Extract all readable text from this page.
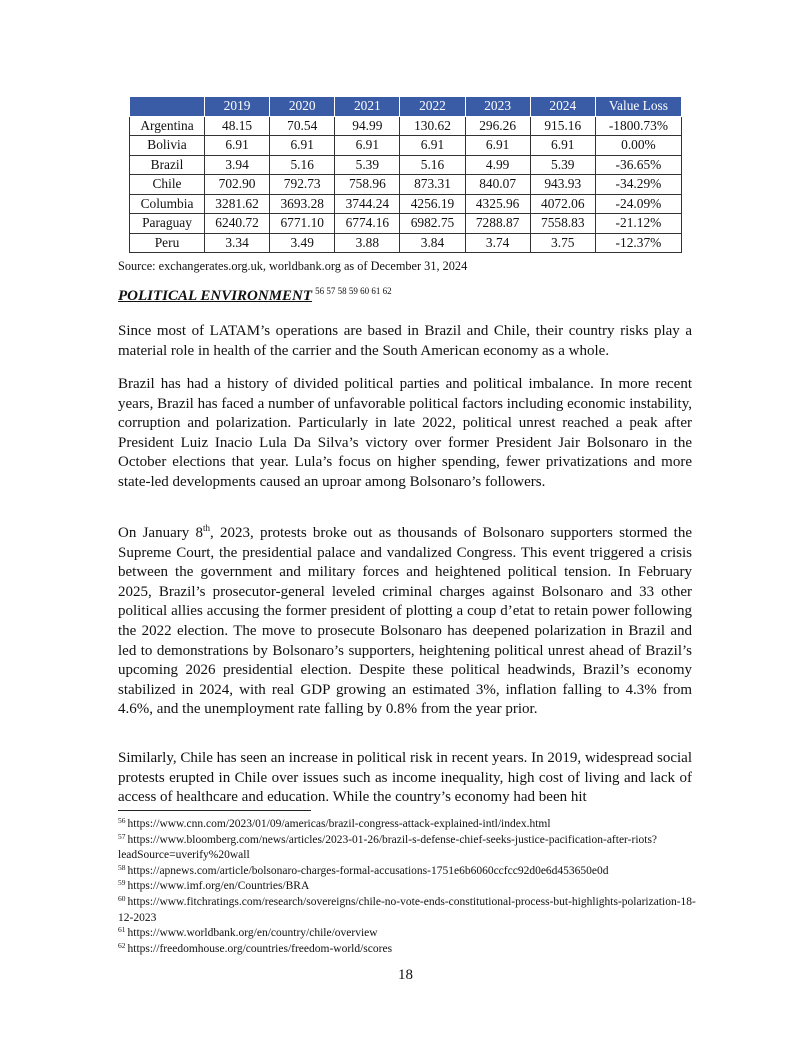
	2019	2020	2021	2022	2023	2024	Value Loss
Argentina	48.15	70.54	94.99	130.62	296.26	915.16	-1800.73%
Bolivia	6.91	6.91	6.91	6.91	6.91	6.91	0.00%
Brazil	3.94	5.16	5.39	5.16	4.99	5.39	-36.65%
Chile	702.90	792.73	758.96	873.31	840.07	943.93	-34.29%
Columbia	3281.62	3693.28	3744.24	4256.19	4325.96	4072.06	-24.09%
Paraguay	6240.72	6771.10	6774.16	6982.75	7288.87	7558.83	-21.12%
Peru	3.34	3.49	3.88	3.84	3.74	3.75	-12.37%
Source: exchangerates.org.uk, worldbank.org as of December 31, 2024
POLITICAL ENVIRONMENT 56 57 58 59 60 61 62

Since most of LATAM’s operations are based in Brazil and Chile, their country risks play a material role in health of the carrier and the South American economy as a whole.

Brazil has had a history of divided political parties and political imbalance. In more recent years, Brazil has faced a number of unfavorable political factors including economic instability, corruption and polarization. Particularly in late 2022, political unrest reached a peak after President Luiz Inacio Lula Da Silva’s victory over former President Jair Bolsonaro in the October elections that year. Lula’s focus on higher spending, fewer privatizations and more state-led developments caused an uproar among Bolsonaro’s followers.

On January 8th, 2023, protests broke out as thousands of Bolsonaro supporters stormed the Supreme Court, the presidential palace and vandalized Congress. This event triggered a crisis between the government and military forces and heightened political tension. In February 2025, Brazil’s prosecutor-general leveled criminal charges against Bolsonaro and 33 other political allies accusing the former president of plotting a coup d’etat to retain power following the 2022 election. The move to prosecute Bolsonaro has deepened polarization in Brazil and led to demonstrations by Bolsonaro’s supporters, heightening political unrest ahead of Brazil’s upcoming 2026 presidential election. Despite these political headwinds, Brazil’s economy stabilized in 2024, with real GDP growing an estimated 3%, inflation falling to 4.3% from 4.6%, and the unemployment rate falling by 0.8% from the year prior.

Similarly, Chile has seen an increase in political risk in recent years. In 2019, widespread social protests erupted in Chile over issues such as income inequality, high cost of living and lack of access of healthcare and education. While the country’s economy had been hit

$^{56}$ https://www.cnn.com/2023/01/09/americas/brazil-congress-attack-explained-intl/index.html

$^{57}$ https://www.bloomberg.com/news/articles/2023-01-26/brazil-s-defense-chief-seeks-justice-pacification-after-riots?leadSource=uverify%20wall

$^{58}$ https://apnews.com/article/bolsonaro-charges-formal-accusations-1751e6b6060ccfcc92d0e6d453650e0d

$^{59}$ https://www.imf.org/en/Countries/BRA

$^{60}$ https://www.fitchratings.com/research/sovereigns/chile-no-vote-ends-constitutional-process-but-highlights-polarization-18-12-2023

$^{61}$ https://www.worldbank.org/en/country/chile/overview

$^{62}$ https://freedomhouse.org/countries/freedom-world/scores

18
